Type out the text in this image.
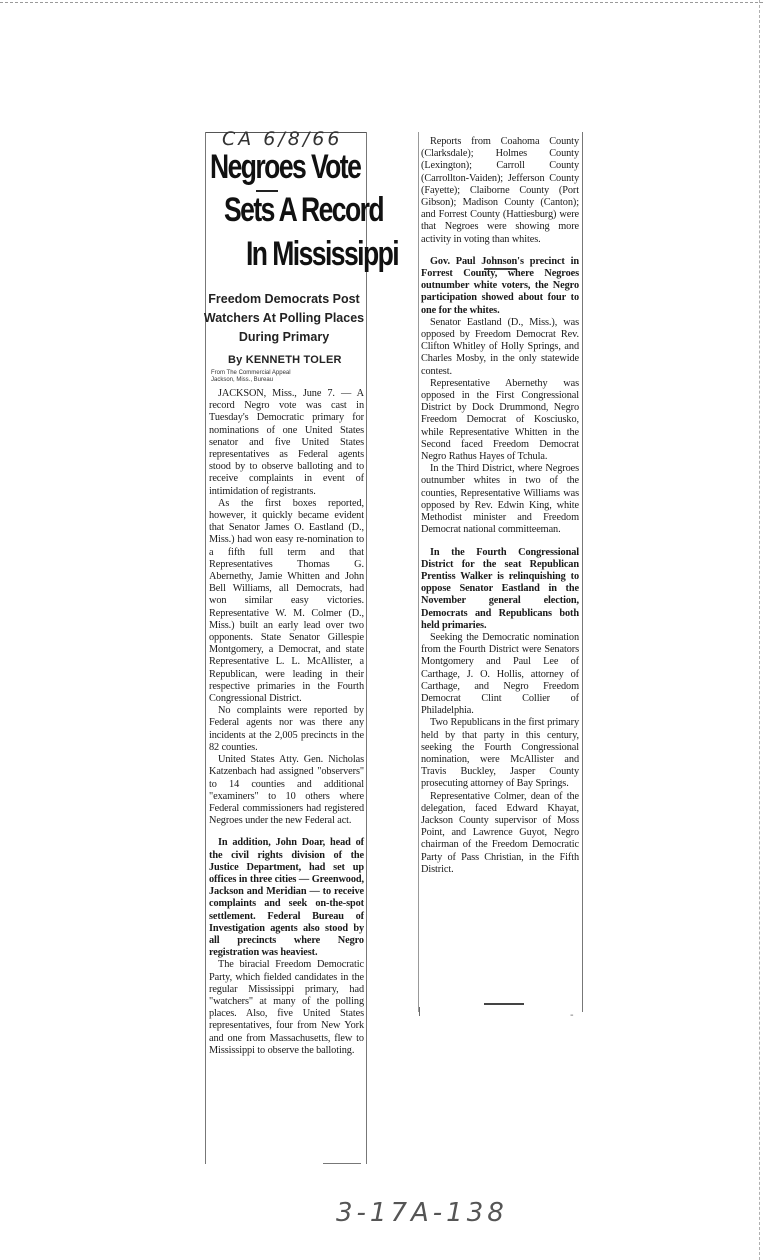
CA 6/8/66
Negroes Vote
Sets A Record
In Mississippi
Freedom Democrats Post
Watchers At Polling Places
During Primary
By KENNETH TOLER
From The Commercial Appeal
Jackson, Miss., Bureau

JACKSON, Miss., June 7. — A record Negro vote was cast in Tuesday's Democratic primary for nominations of one United States senator and five United States representatives as Federal agents stood by to observe balloting and to receive complaints in event of intimidation of registrants.

As the first boxes reported, however, it quickly became evident that Senator James O. Eastland (D., Miss.) had won easy re-nomination to a fifth full term and that Representatives Thomas G. Abernethy, Jamie Whitten and John Bell Williams, all Democrats, had won similar easy victories. Representative W. M. Colmer (D., Miss.) built an early lead over two opponents. State Senator Gillespie Montgomery, a Democrat, and state Representative L. L. McAllister, a Republican, were leading in their respective primaries in the Fourth Congressional District.

No complaints were reported by Federal agents nor was there any incidents at the 2,005 precincts in the 82 counties.

United States Atty. Gen. Nicholas Katzenbach had assigned "observers" to 14 counties and additional "examiners" to 10 others where Federal commissioners had registered Negroes under the new Federal act.

In addition, John Doar, head of the civil rights division of the Justice Department, had set up offices in three cities — Greenwood, Jackson and Meridian — to receive complaints and seek on-the-spot settlement. Federal Bureau of Investigation agents also stood by all precincts where Negro registration was heaviest.

The biracial Freedom Democratic Party, which fielded candidates in the regular Mississippi primary, had "watchers" at many of the polling places. Also, five United States representatives, four from New York and one from Massachusetts, flew to Mississippi to observe the balloting.

Reports from Coahoma County (Clarksdale); Holmes County (Lexington); Carroll County (Carrollton-Vaiden); Jefferson County (Fayette); Claiborne County (Port Gibson); Madison County (Canton); and Forrest County (Hattiesburg) were that Negroes were showing more activity in voting than whites.

Gov. Paul Johnson's precinct in Forrest County, where Negroes outnumber white voters, the Negro participation showed about four to one for the whites.

Senator Eastland (D., Miss.), was opposed by Freedom Democrat Rev. Clifton Whitley of Holly Springs, and Charles Mosby, in the only statewide contest.

Representative Abernethy was opposed in the First Congressional District by Dock Drummond, Negro Freedom Democrat of Kosciusko, while Representative Whitten in the Second faced Freedom Democrat Negro Rathus Hayes of Tchula.

In the Third District, where Negroes outnumber whites in two of the counties, Representative Williams was opposed by Rev. Edwin King, white Methodist minister and Freedom Democrat national committeeman.

In the Fourth Congressional District for the seat Republican Prentiss Walker is relinquishing to oppose Senator Eastland in the November general election, Democrats and Republicans both held primaries.

Seeking the Democratic nomination from the Fourth District were Senators Montgomery and Paul Lee of Carthage, J. O. Hollis, attorney of Carthage, and Negro Freedom Democrat Clint Collier of Philadelphia.

Two Republicans in the first primary held by that party in this century, seeking the Fourth Congressional nomination, were McAllister and Travis Buckley, Jasper County prosecuting attorney of Bay Springs.

Representative Colmer, dean of the delegation, faced Edward Khayat, Jackson County supervisor of Moss Point, and Lawrence Guyot, Negro chairman of the Freedom Democratic Party of Pass Christian, in the Fifth District.

ǀ	-
3-17A-138
